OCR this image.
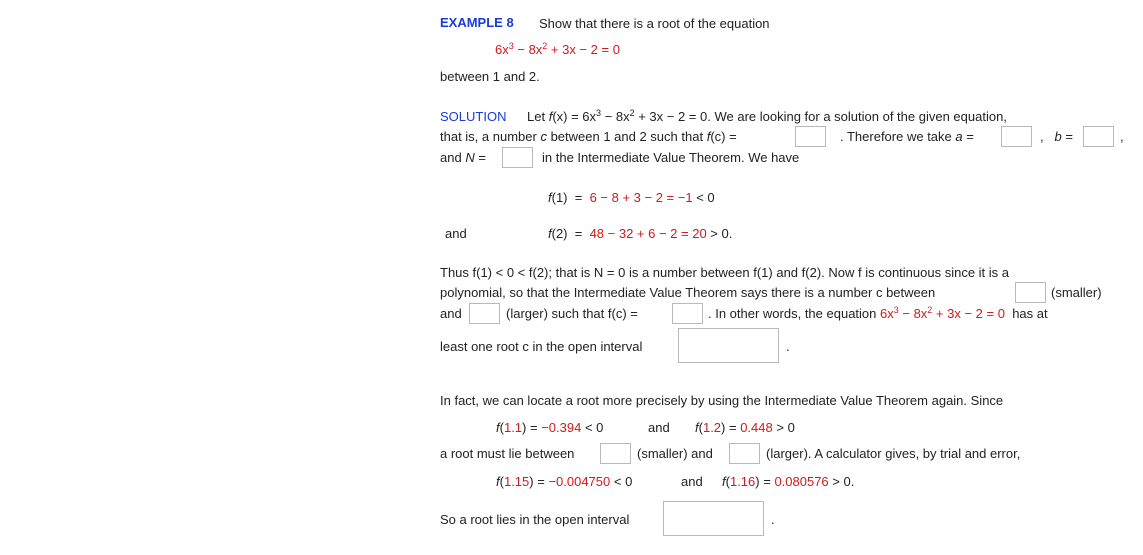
EXAMPLE 8 Show that there is a root of the equation
$6x^3 - 8x^2 + 3x - 2 = 0$
between 1 and 2.
SOLUTION Let $f(x) = 6x^3 - 8x^2 + 3x - 2 = 0$. We are looking for a solution of the given equation,
that is, a number c between 1 and 2 such that f(c) =	. Therefore we take a =	, b =	,
and N =	in the Intermediate Value Theorem. We have
f(1) = 6 − 8 + 3 − 2 = −1 < 0
and	f(2) = 48 − 32 + 6 − 2 = 20 > 0.
Thus f(1) < 0 < f(2); that is N = 0 is a number between f(1) and f(2). Now f is continuous since it is a
polynomial, so that the Intermediate Value Theorem says there is a number c between	(smaller)
and	(larger) such that f(c) =	. In other words, the equation $6x^3 - 8x^2 + 3x - 2 = 0$ has at
least one root c in the open interval	.
In fact, we can locate a root more precisely by using the Intermediate Value Theorem again. Since
f(1.1) = −0.394 < 0	and f(1.2) = 0.448 > 0
a root must lie between	(smaller) and	(larger). A calculator gives, by trial and error,
f(1.15) = −0.004750 < 0	and f(1.16) = 0.080576 > 0.
So a root lies in the open interval	.
